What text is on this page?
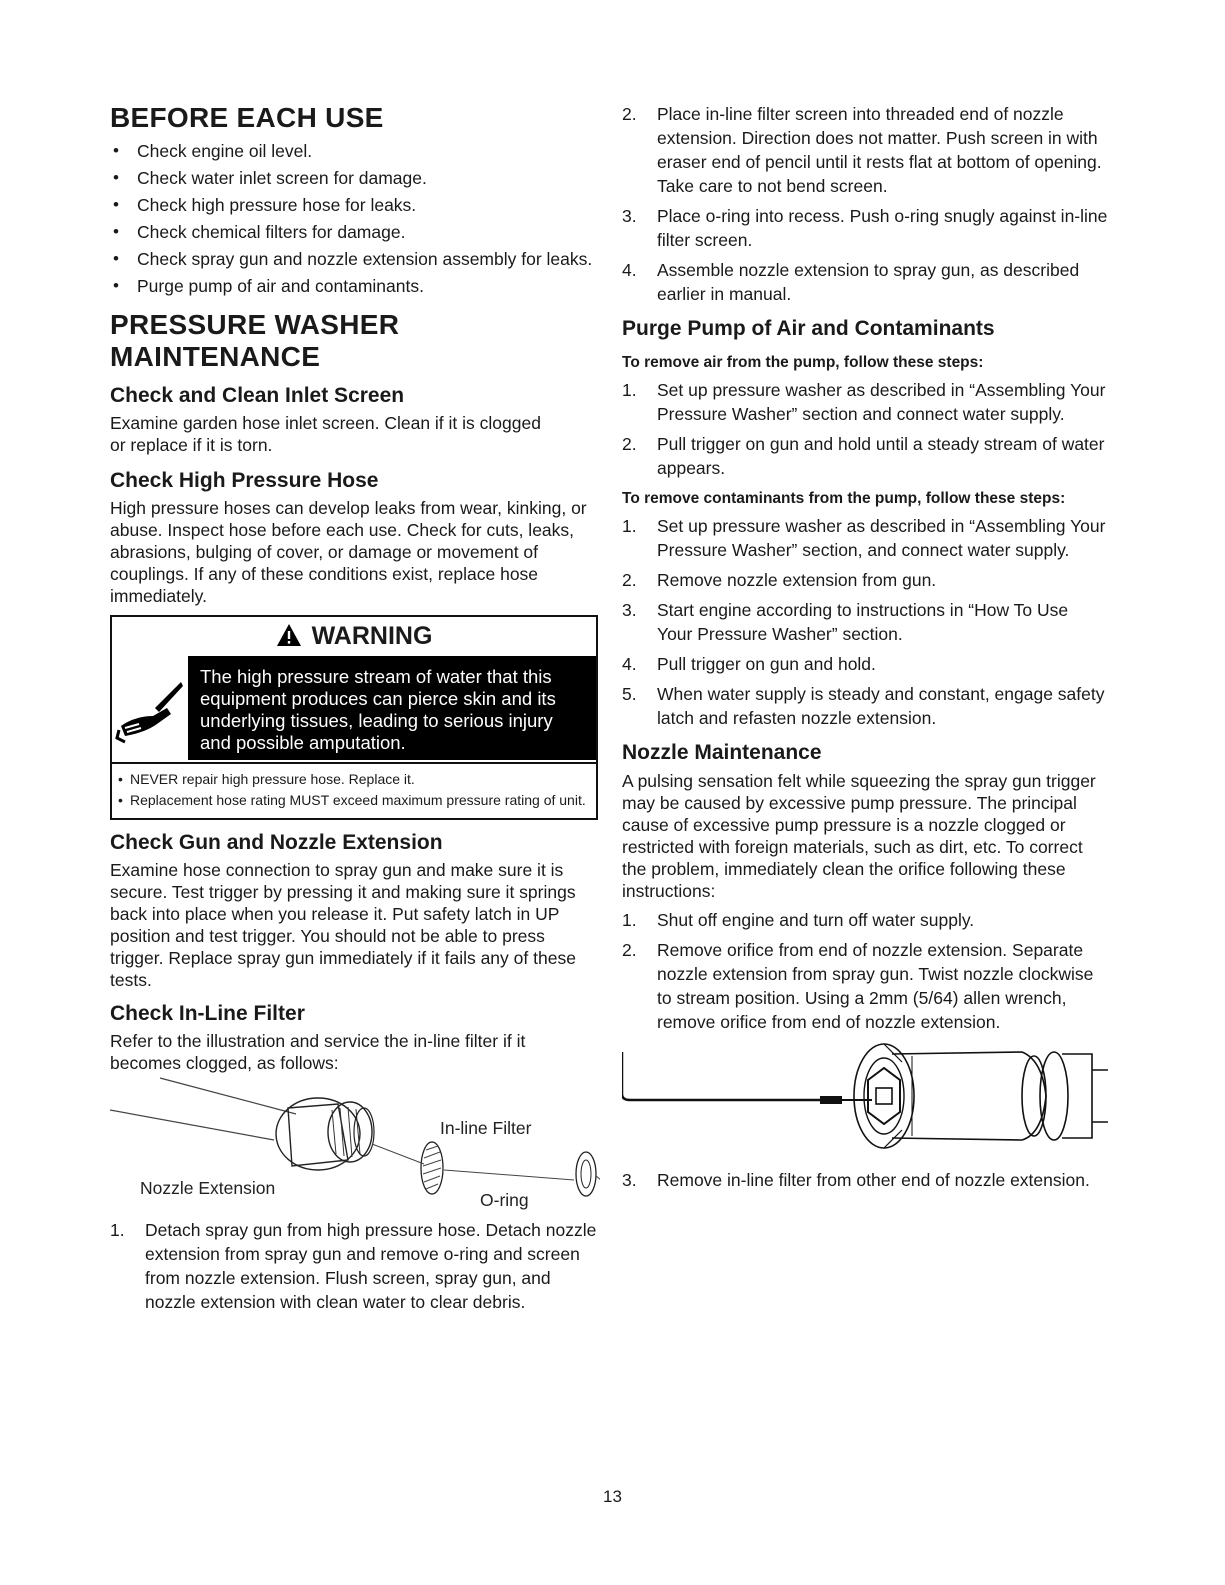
BEFORE EACH USE
• Check engine oil level.
• Check water inlet screen for damage.
• Check high pressure hose for leaks.
• Check chemical filters for damage.
• Check spray gun and nozzle extension assembly for leaks.
• Purge pump of air and contaminants.
PRESSURE WASHER MAINTENANCE
Check and Clean Inlet Screen

Examine garden hose inlet screen. Clean if it is clogged or replace if it is torn.

Check High Pressure Hose

High pressure hoses can develop leaks from wear, kinking, or abuse. Inspect hose before each use. Check for cuts, leaks, abrasions, bulging of cover, or damage or movement of couplings. If any of these conditions exist, replace hose immediately.

WARNING
The high pressure stream of water that this equipment produces can pierce skin and its underlying tissues, leading to serious injury and possible amputation.
• NEVER repair high pressure hose. Replace it.
• Replacement hose rating MUST exceed maximum pressure rating of unit.
Check Gun and Nozzle Extension

Examine hose connection to spray gun and make sure it is secure. Test trigger by pressing it and making sure it springs back into place when you release it. Put safety latch in UP position and test trigger. You should not be able to press trigger. Replace spray gun immediately if it fails any of these tests.

Check In-Line Filter

Refer to the illustration and service the in-line filter if it becomes clogged, as follows:

In-line Filter
Nozzle Extension
O-ring
1. Detach spray gun from high pressure hose. Detach nozzle extension from spray gun and remove o-ring and screen from nozzle extension. Flush screen, spray gun, and nozzle extension with clean water to clear debris.
2. Place in-line filter screen into threaded end of nozzle extension. Direction does not matter. Push screen in with eraser end of pencil until it rests flat at bottom of opening. Take care to not bend screen.
3. Place o-ring into recess. Push o-ring snugly against in-line filter screen.
4. Assemble nozzle extension to spray gun, as described earlier in manual.
Purge Pump of Air and Contaminants
To remove air from the pump, follow these steps:
1. Set up pressure washer as described in “Assembling Your Pressure Washer” section and connect water supply.
2. Pull trigger on gun and hold until a steady stream of water appears.
To remove contaminants from the pump, follow these steps:
1. Set up pressure washer as described in “Assembling Your Pressure Washer” section, and connect water supply.
2. Remove nozzle extension from gun.
3. Start engine according to instructions in “How To Use Your Pressure Washer” section.
4. Pull trigger on gun and hold.
5. When water supply is steady and constant, engage safety latch and refasten nozzle extension.
Nozzle Maintenance

A pulsing sensation felt while squeezing the spray gun trigger may be caused by excessive pump pressure. The principal cause of excessive pump pressure is a nozzle clogged or restricted with foreign materials, such as dirt, etc. To correct the problem, immediately clean the orifice following these instructions:

1. Shut off engine and turn off water supply.
2. Remove orifice from end of nozzle extension. Separate nozzle extension from spray gun. Twist nozzle clockwise to stream position. Using a 2mm (5/64) allen wrench, remove orifice from end of nozzle extension.
3. Remove in-line filter from other end of nozzle extension.
13
